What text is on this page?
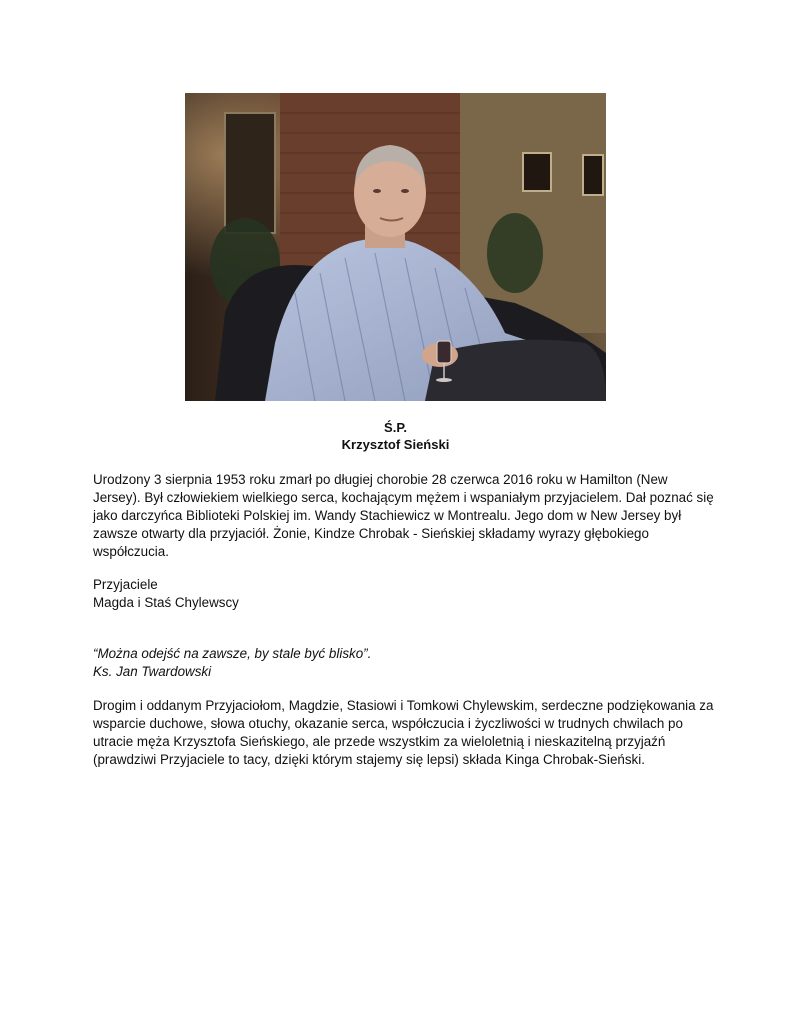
Ś.P.
Krzysztof Sieński

Urodzony 3 sierpnia 1953 roku zmarł po długiej chorobie 28 czerwca 2016 roku w Hamilton (New
Jersey). Był człowiekiem wielkiego serca, kochającym mężem i wspaniałym przyjacielem. Dał poznać się
jako darczyńca Biblioteki Polskiej im. Wandy Stachiewicz w Montrealu. Jego dom w New Jersey był
zawsze otwarty dla przyjaciół. Żonie, Kindze Chrobak - Sieńskiej składamy wyrazy głębokiego
współczucia.

Przyjaciele
Magda i Staś Chylewscy

“Można odejść na zawsze, by stale być blisko”.
Ks. Jan Twardowski

Drogim i oddanym Przyjaciołom, Magdzie, Stasiowi i Tomkowi Chylewskim, serdeczne podziękowania za
wsparcie duchowe, słowa otuchy, okazanie serca, współczucia i życzliwości w trudnych chwilach po
utracie męża Krzysztofa Sieńskiego, ale przede wszystkim za wieloletnią i nieskazitelną przyjaźń
(prawdziwi Przyjaciele to tacy, dzięki którym stajemy się lepsi) składa Kinga Chrobak-Sieński.
